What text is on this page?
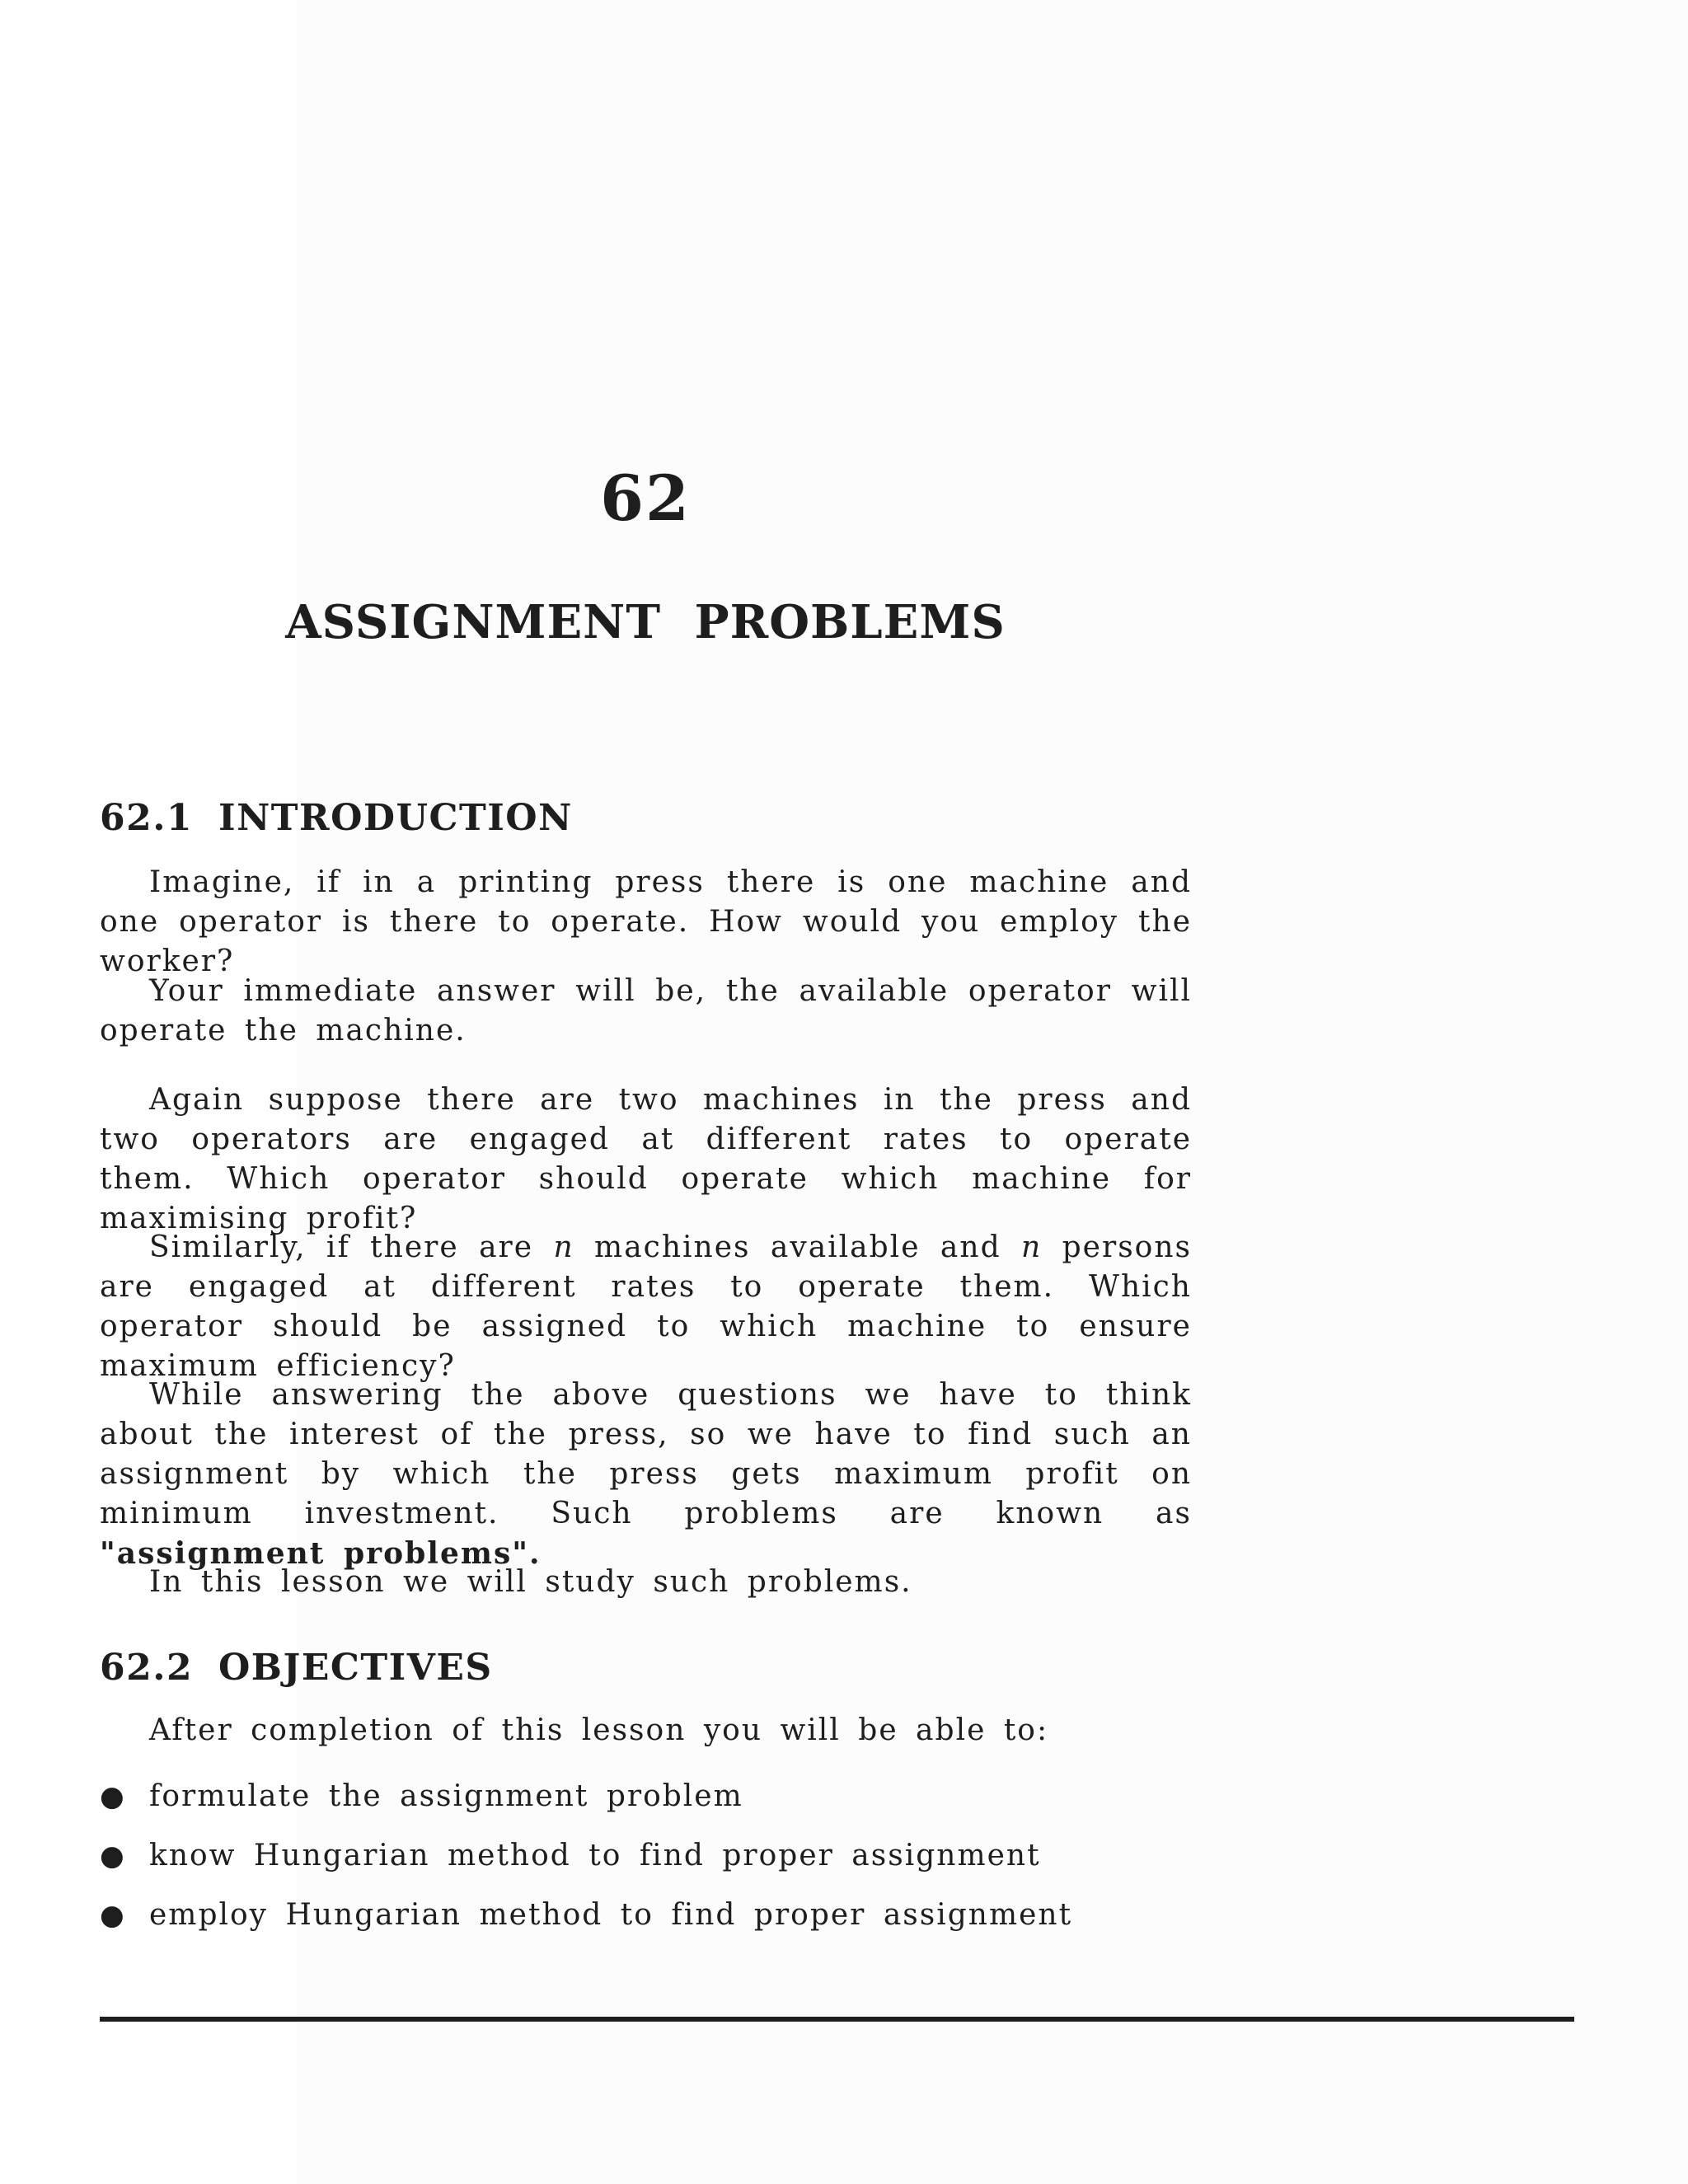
62
ASSIGNMENT PROBLEMS
62.1 INTRODUCTION

Imagine, if in a printing press there is one machine and one operator is there to operate. How would you employ the worker?

Your immediate answer will be, the available operator will operate the machine.

Again suppose there are two machines in the press and two operators are engaged at different rates to operate them. Which operator should operate which machine for maximising profit?

Similarly, if there are n machines available and n persons are engaged at different rates to operate them. Which operator should be assigned to which machine to ensure maximum efficiency?

While answering the above questions we have to think about the interest of the press, so we have to find such an assignment by which the press gets maximum profit on minimum investment. Such problems are known as "assignment problems".

In this lesson we will study such problems.

62.2 OBJECTIVES

After completion of this lesson you will be able to:

● formulate the assignment problem
● know Hungarian method to find proper assignment
● employ Hungarian method to find proper assignment
